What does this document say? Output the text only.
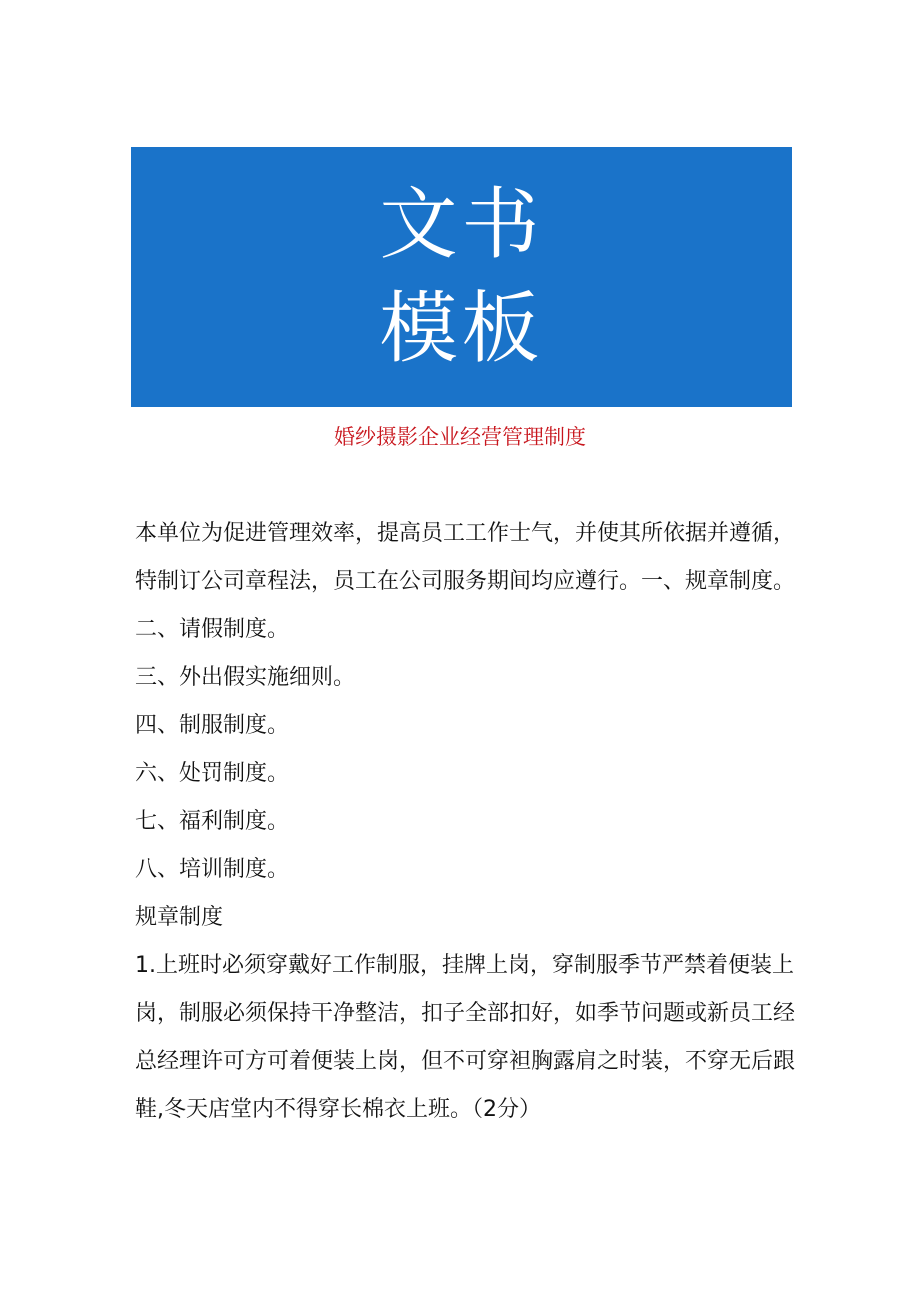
文书
模板
婚纱摄影企业经营管理制度

本单位为促进管理效率，提高员工工作士气，并使其所依据并遵循，特制订公司章程法，员工在公司服务期间均应遵行。一、规章制度。

二、请假制度。

三、外出假实施细则。

四、制服制度。

六、处罚制度。

七、福利制度。

八、培训制度。

规章制度

1.上班时必须穿戴好工作制服，挂牌上岗，穿制服季节严禁着便装上岗，制服必须保持干净整洁，扣子全部扣好，如季节问题或新员工经总经理许可方可着便装上岗，但不可穿袒胸露肩之时装，不穿无后跟鞋,冬天店堂内不得穿长棉衣上班。（2分）
